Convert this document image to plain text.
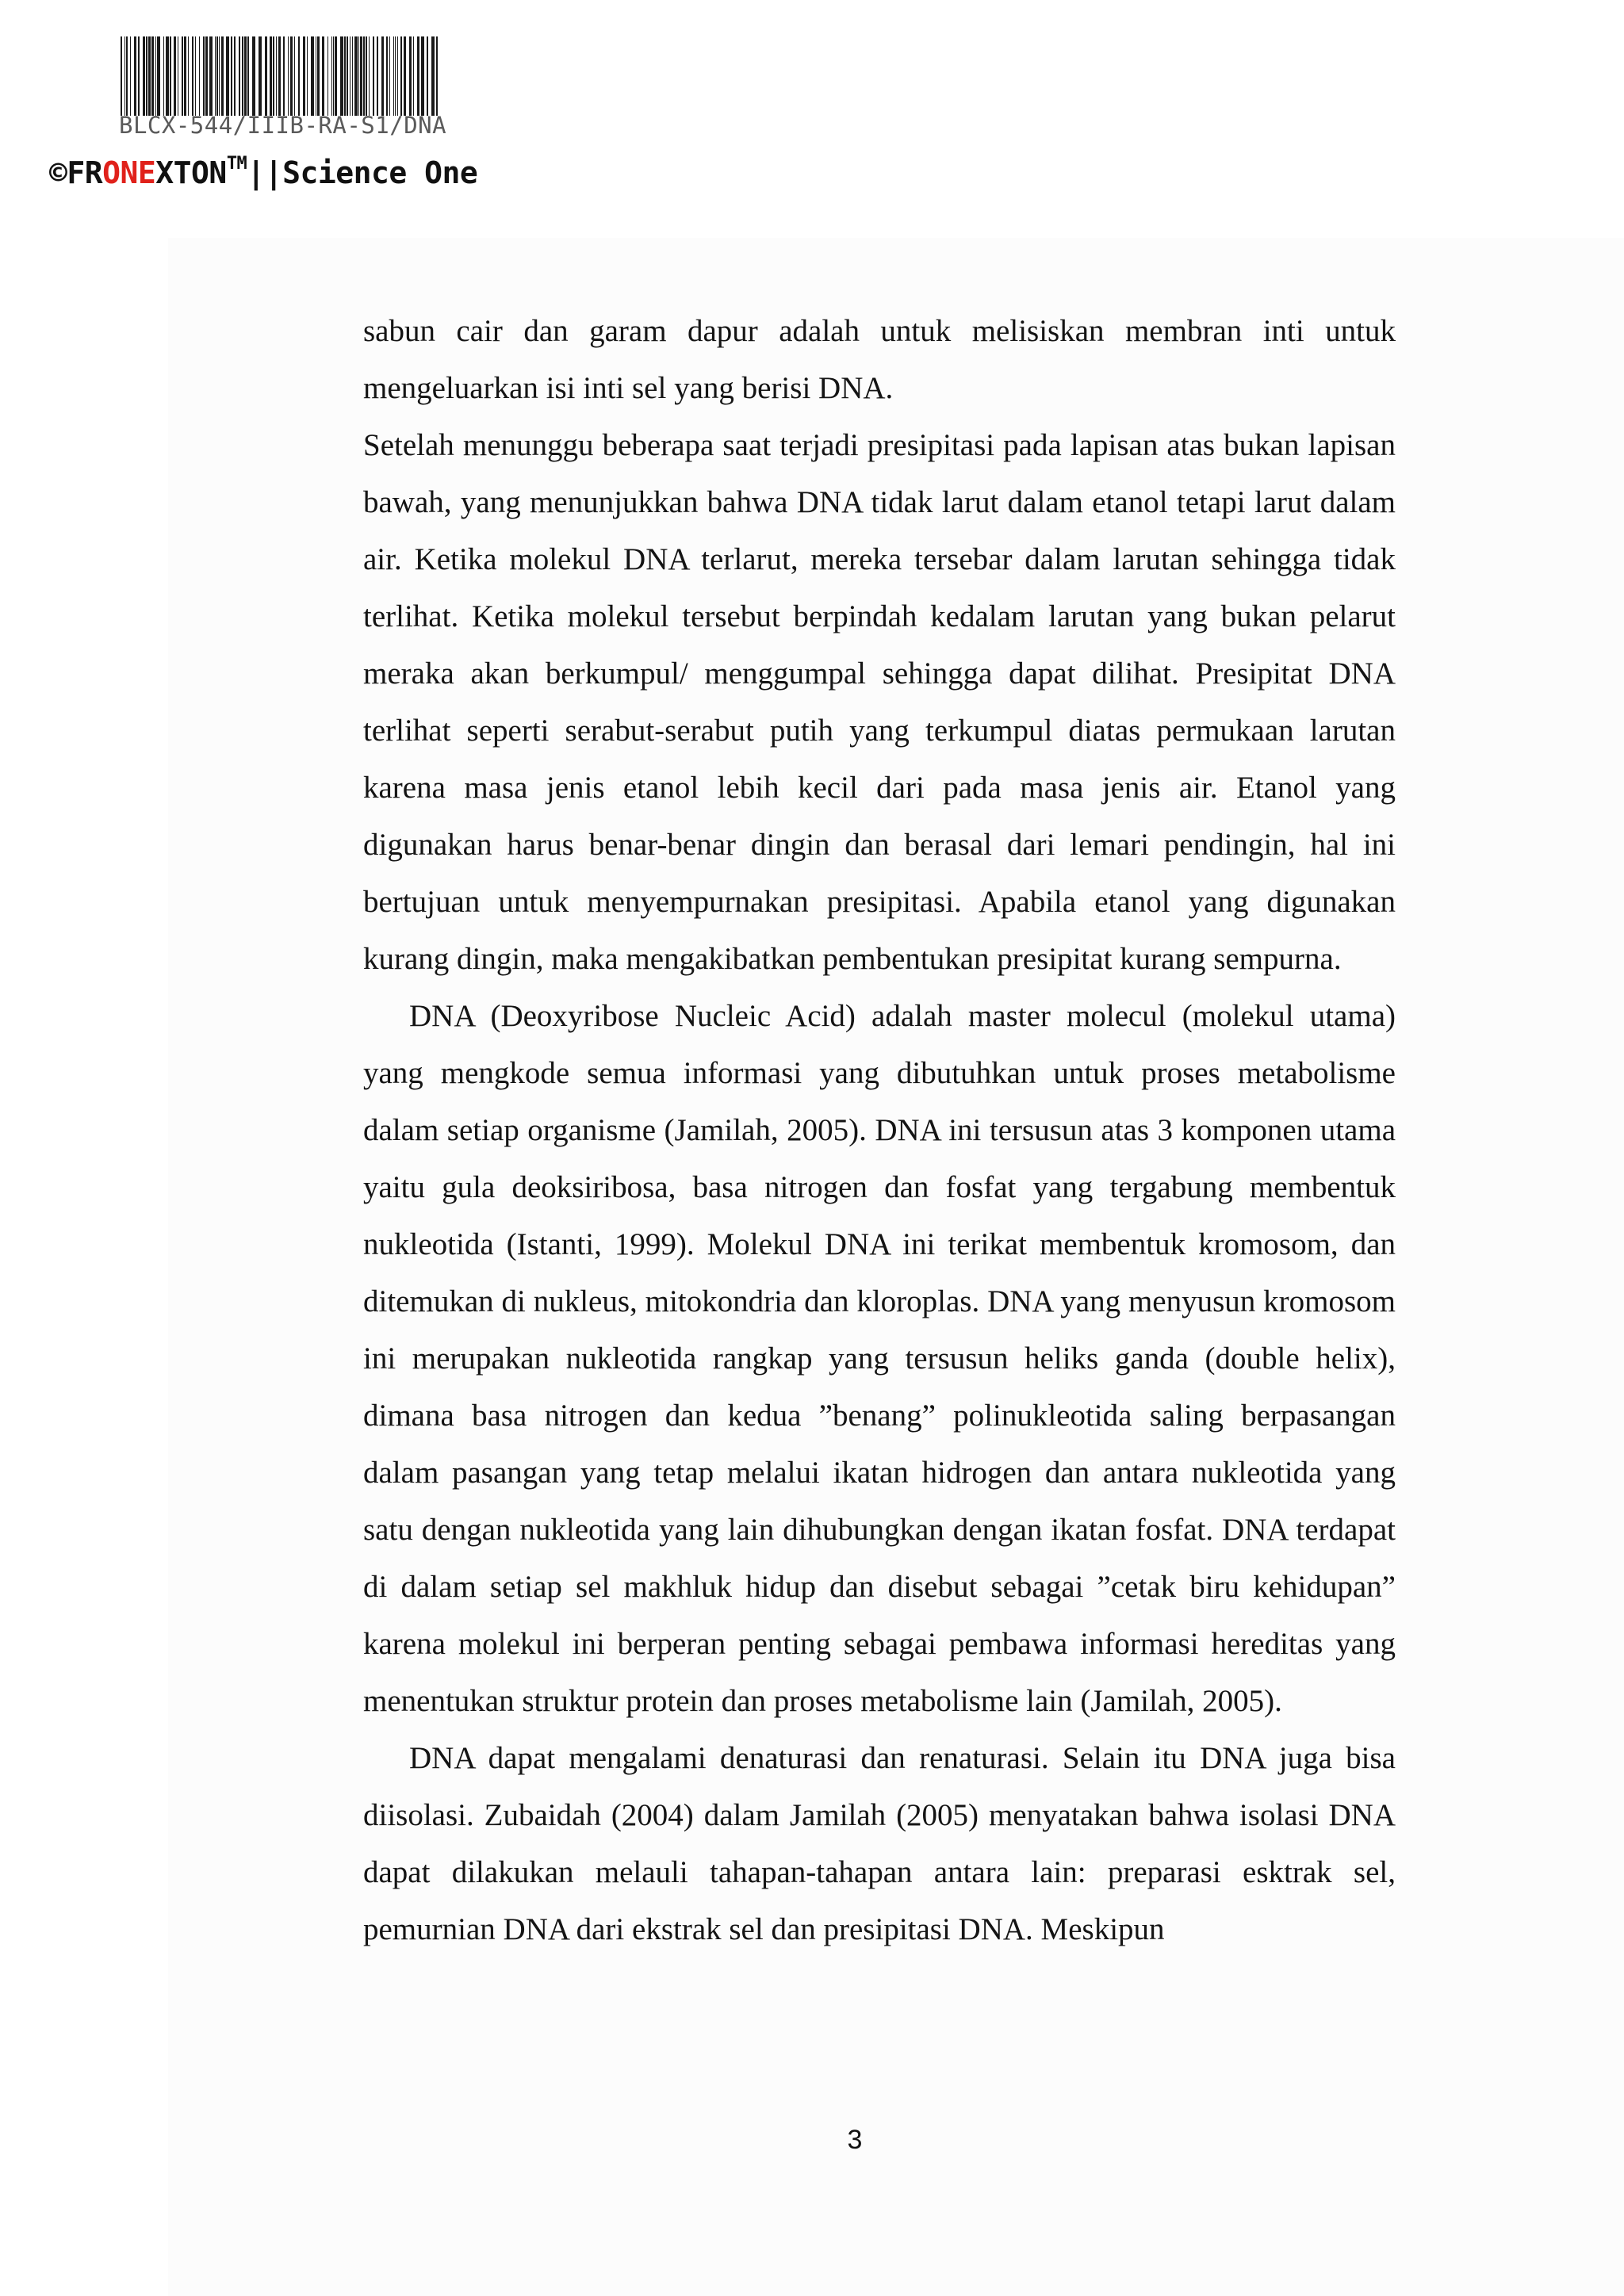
BLCX-544/IIIB-RA-S1/DNA
©FRONEXTON™||Science One

sabun cair dan garam dapur adalah untuk melisiskan membran inti untuk mengeluarkan isi inti sel yang berisi DNA.

Setelah menunggu beberapa saat terjadi presipitasi pada lapisan atas bukan lapisan bawah, yang menunjukkan bahwa DNA tidak larut dalam etanol tetapi larut dalam air. Ketika molekul DNA terlarut, mereka tersebar dalam larutan sehingga tidak terlihat. Ketika molekul tersebut berpindah kedalam larutan yang bukan pelarut meraka akan berkumpul/ menggumpal sehingga dapat dilihat. Presipitat DNA terlihat seperti serabut-serabut putih yang terkumpul diatas permukaan larutan karena masa jenis etanol lebih kecil dari pada masa jenis air. Etanol yang digunakan harus benar-benar dingin dan berasal dari lemari pendingin, hal ini bertujuan untuk menyempurnakan presipitasi. Apabila etanol yang digunakan kurang dingin, maka mengakibatkan pembentukan presipitat kurang sempurna.

DNA (Deoxyribose Nucleic Acid) adalah master molecul (molekul utama) yang mengkode semua informasi yang dibutuhkan untuk proses metabolisme dalam setiap organisme (Jamilah, 2005). DNA ini tersusun atas 3 komponen utama yaitu gula deoksiribosa, basa nitrogen dan fosfat yang tergabung membentuk nukleotida (Istanti, 1999). Molekul DNA ini terikat membentuk kromosom, dan ditemukan di nukleus, mitokondria dan kloroplas. DNA yang menyusun kromosom ini merupakan nukleotida rangkap yang tersusun heliks ganda (double helix), dimana basa nitrogen dan kedua ”benang” polinukleotida saling berpasangan dalam pasangan yang tetap melalui ikatan hidrogen dan antara nukleotida yang satu dengan nukleotida yang lain dihubungkan dengan ikatan fosfat. DNA terdapat di dalam setiap sel makhluk hidup dan disebut sebagai ”cetak biru kehidupan” karena molekul ini berperan penting sebagai pembawa informasi hereditas yang menentukan struktur protein dan proses metabolisme lain (Jamilah, 2005).

DNA dapat mengalami denaturasi dan renaturasi. Selain itu DNA juga bisa diisolasi. Zubaidah (2004) dalam Jamilah (2005) menyatakan bahwa isolasi DNA dapat dilakukan melauli tahapan-tahapan antara lain: preparasi esktrak sel, pemurnian DNA dari ekstrak sel dan presipitasi DNA. Meskipun

3
